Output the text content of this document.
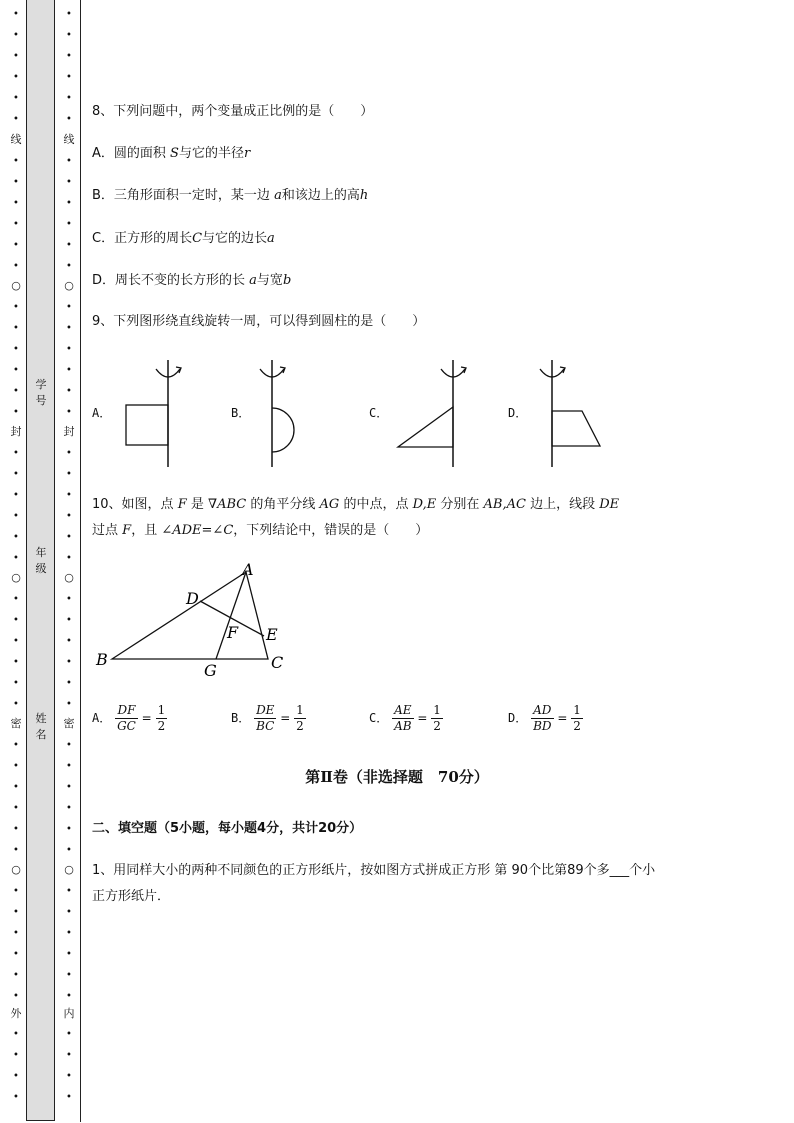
•
•
•
•
•
•
线
•
•
•
•
•
•
○
•
•
•
•
•
•
封
•
•
•
•
•
•
○
•
•
•
•
•
•
密
•
•
•
•
•
•
○
•
•
•
•
•
•
外
•
•
•
•
•
•
•
•
•
•
线
•
•
•
•
•
•
○
•
•
•
•
•
•
封
•
•
•
•
•
•
○
•
•
•
•
•
•
密
•
•
•
•
•
•
○
•
•
•
•
•
•
内
•
•
•
•
学号
年级
姓名
8、下列问题中，两个变量成正比例的是（　　）
A．圆的面积 S与它的半径r
B．三角形面积一定时，某一边 a和该边上的高h
C．正方形的周长C与它的边长a
D．周长不变的长方形的长 a与宽b
9、下列图形绕直线旋转一周，可以得到圆柱的是（　　）
A．	B．	C．	D．
10、如图，点 F 是 ∇ABC 的角平分线 AG 的中点，点 D,E 分别在 AB,AC 边上，线段 DE
过点 F，且 ∠ADE=∠C，下列结论中，错误的是（　　）
A
B	C
D
E
F
G
A． $\frac{DF}{GC} = \frac{1}{2}$	B． $\frac{DE}{BC} = \frac{1}{2}$	C． $\frac{AE}{AB} = \frac{1}{2}$	D． $\frac{AD}{BD} = \frac{1}{2}$
第Ⅱ卷（非选择题　70分）
二、填空题（5小题，每小题4分，共计20分）
1、用同样大小的两种不同颜色的正方形纸片，按如图方式拼成正方形 第 90个比第89个多___个小
正方形纸片．
